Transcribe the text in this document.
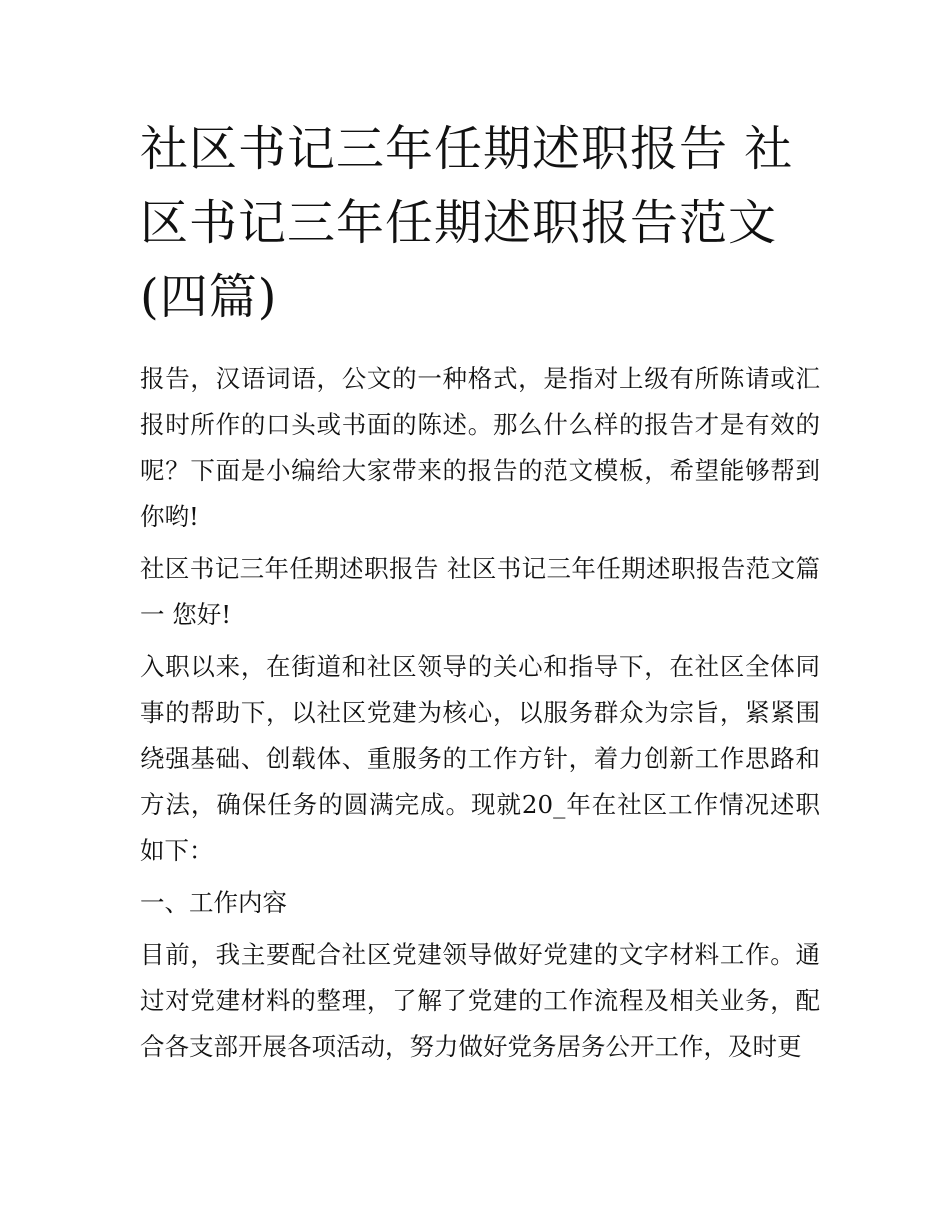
社区书记三年任期述职报告 社区书记三年任期述职报告范文(四篇)

报告，汉语词语，公文的一种格式，是指对上级有所陈请或汇报时所作的口头或书面的陈述。那么什么样的报告才是有效的呢？下面是小编给大家带来的报告的范文模板，希望能够帮到你哟!

社区书记三年任期述职报告 社区书记三年任期述职报告范文篇一 您好!

入职以来，在街道和社区领导的关心和指导下，在社区全体同事的帮助下，以社区党建为核心，以服务群众为宗旨，紧紧围绕强基础、创载体、重服务的工作方针，着力创新工作思路和方法，确保任务的圆满完成。现就20_年在社区工作情况述职如下：

一、工作内容

目前，我主要配合社区党建领导做好党建的文字材料工作。通过对党建材料的整理，了解了党建的工作流程及相关业务，配合各支部开展各项活动，努力做好党务居务公开工作，及时更
